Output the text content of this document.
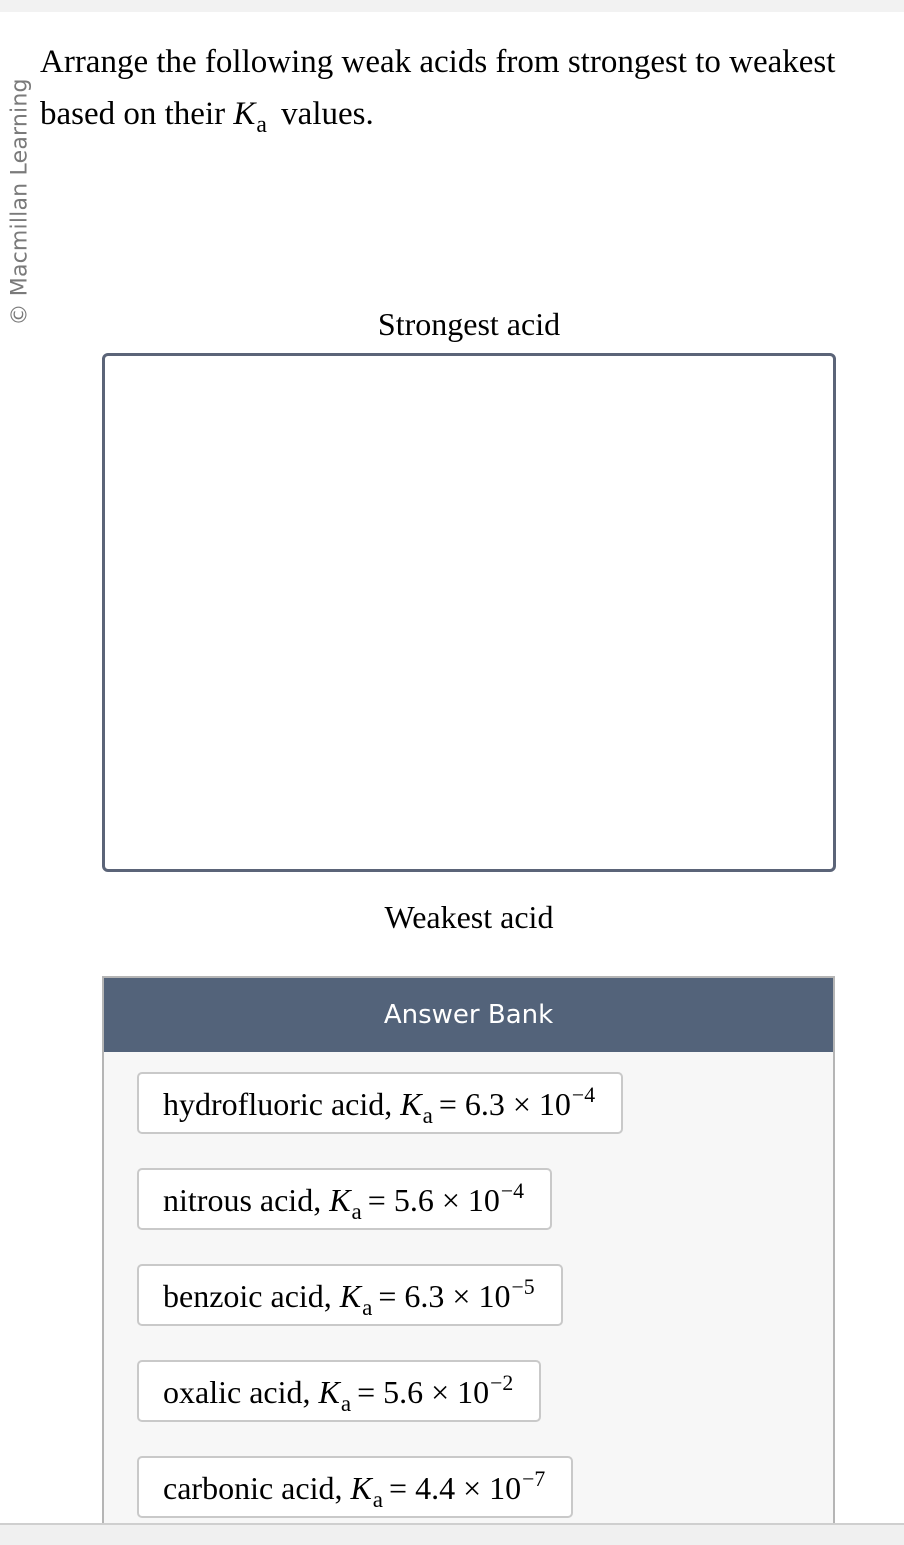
© Macmillan Learning

Arrange the following weak acids from strongest to weakest based on their $K_a$ values.

Strongest acid
Weakest acid
Answer Bank
hydrofluoric acid, $K_a = 6.3 \times 10^{-4}$
nitrous acid, $K_a = 5.6 \times 10^{-4}$
benzoic acid, $K_a = 6.3 \times 10^{-5}$
oxalic acid, $K_a = 5.6 \times 10^{-2}$
carbonic acid, $K_a = 4.4 \times 10^{-7}$
